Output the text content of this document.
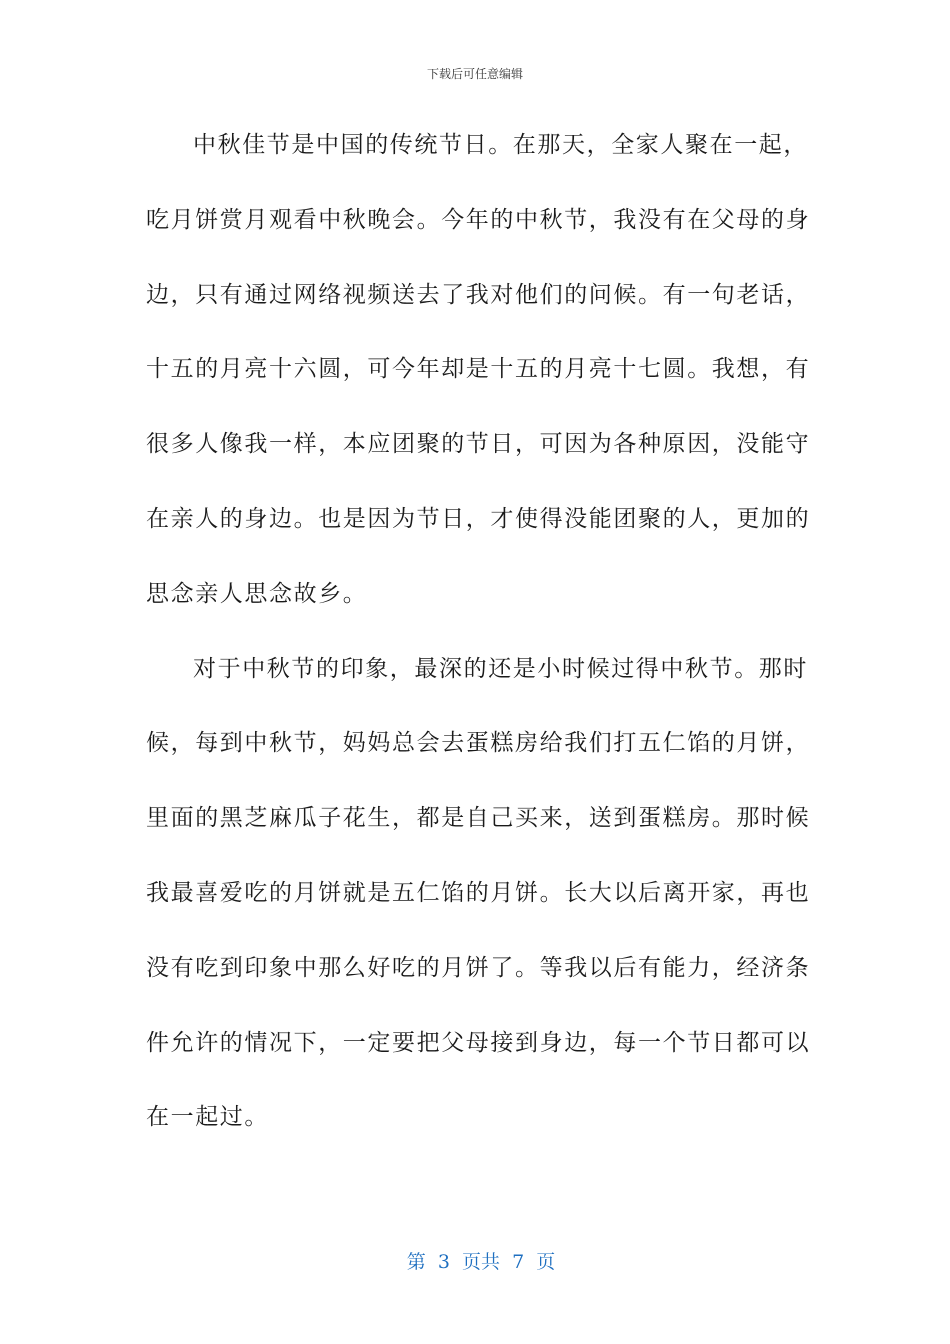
下载后可任意编辑
中秋佳节是中国的传统节日。在那天，全家人聚在一起，
吃月饼赏月观看中秋晚会。今年的中秋节，我没有在父母的身
边，只有通过网络视频送去了我对他们的问候。有一句老话，
十五的月亮十六圆，可今年却是十五的月亮十七圆。我想，有
很多人像我一样，本应团聚的节日，可因为各种原因，没能守
在亲人的身边。也是因为节日，才使得没能团聚的人，更加的
思念亲人思念故乡。
对于中秋节的印象，最深的还是小时候过得中秋节。那时
候，每到中秋节，妈妈总会去蛋糕房给我们打五仁馅的月饼，
里面的黑芝麻瓜子花生，都是自己买来，送到蛋糕房。那时候
我最喜爱吃的月饼就是五仁馅的月饼。长大以后离开家，再也
没有吃到印象中那么好吃的月饼了。等我以后有能力，经济条
件允许的情况下，一定要把父母接到身边，每一个节日都可以
在一起过。

第  3  页共  7  页
